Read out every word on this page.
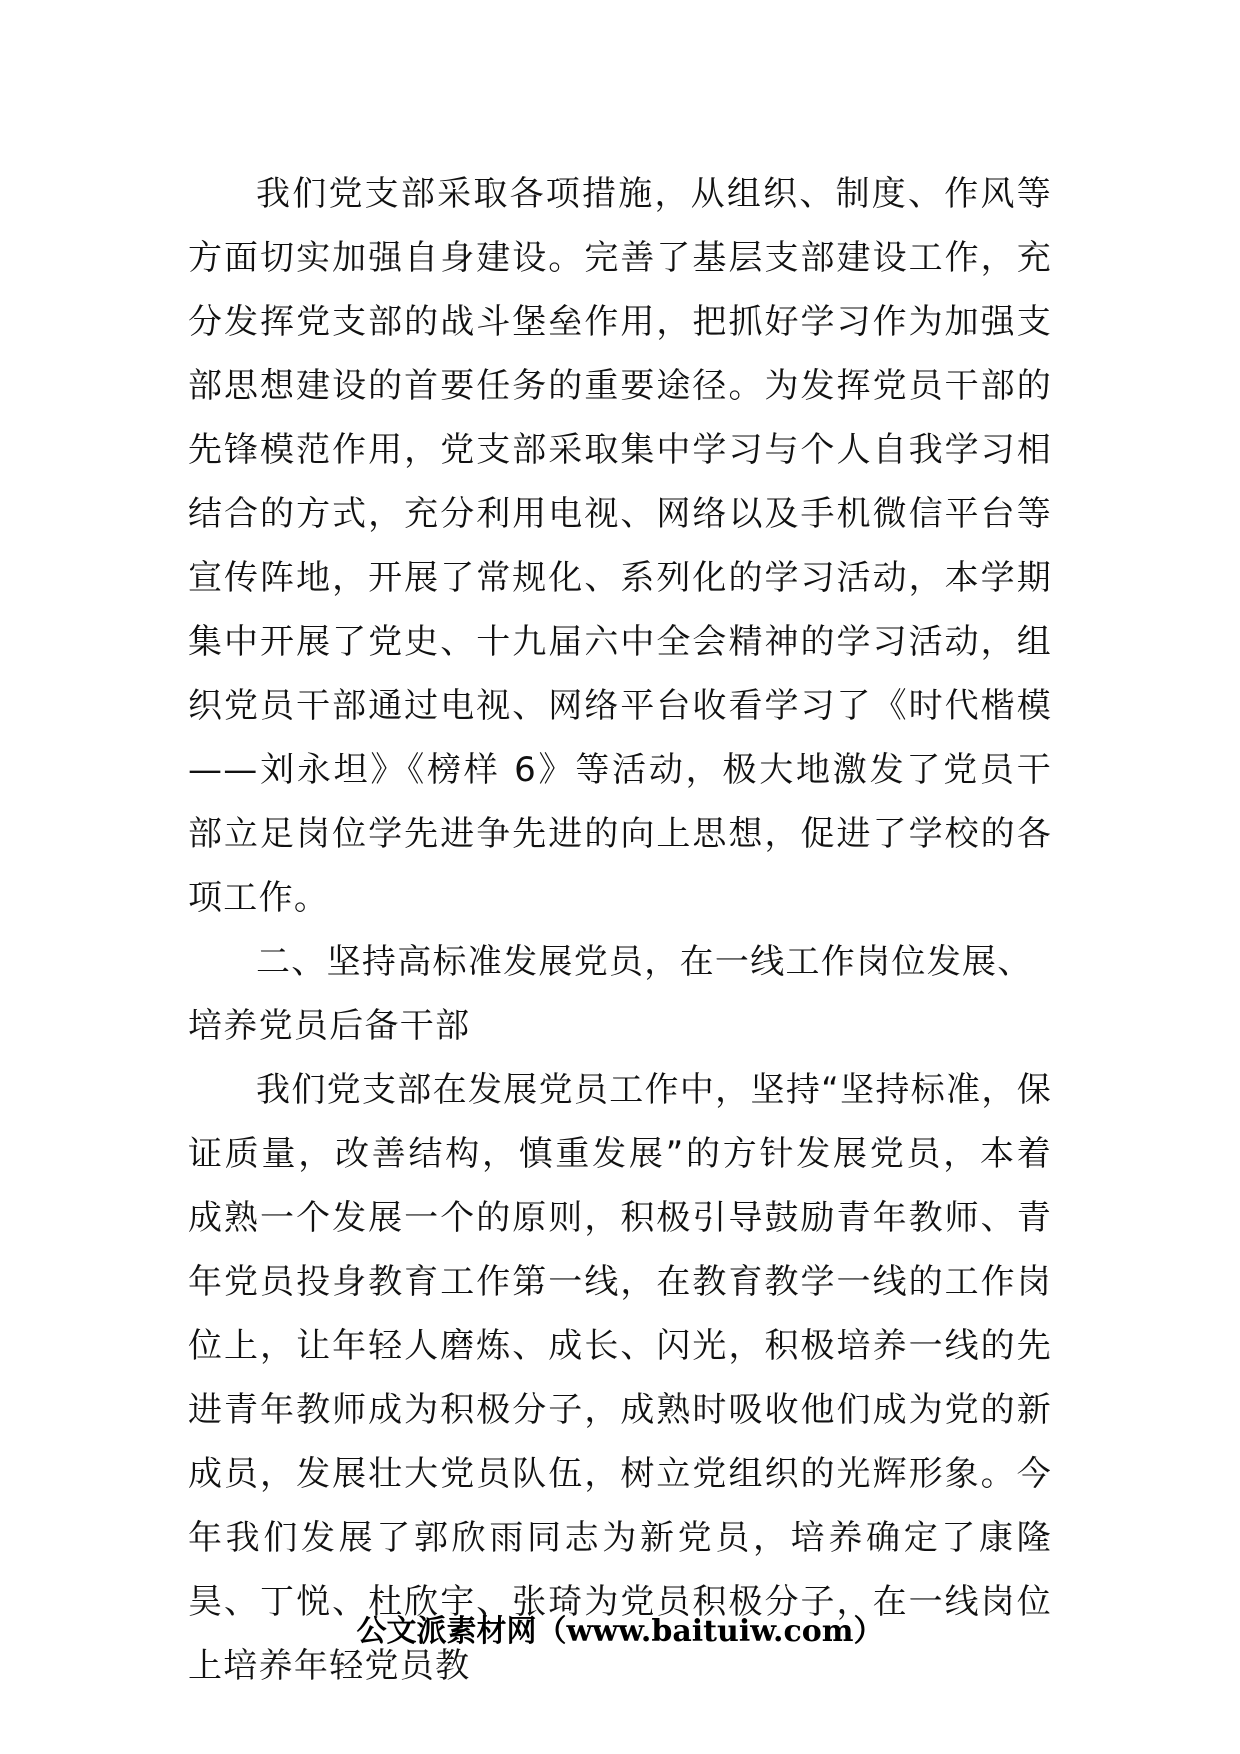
我们党支部采取各项措施，从组织、制度、作风等方面切实加强自身建设。完善了基层支部建设工作，充分发挥党支部的战斗堡垒作用，把抓好学习作为加强支部思想建设的首要任务的重要途径。为发挥党员干部的先锋模范作用，党支部采取集中学习与个人自我学习相结合的方式，充分利用电视、网络以及手机微信平台等宣传阵地，开展了常规化、系列化的学习活动，本学期集中开展了党史、十九届六中全会精神的学习活动，组织党员干部通过电视、网络平台收看学习了《时代楷模——刘永坦》《榜样 6》等活动，极大地激发了党员干部立足岗位学先进争先进的向上思想，促进了学校的各项工作。

二、坚持高标准发展党员，在一线工作岗位发展、培养党员后备干部

我们党支部在发展党员工作中，坚持“坚持标准，保证质量，改善结构，慎重发展”的方针发展党员，本着成熟一个发展一个的原则，积极引导鼓励青年教师、青年党员投身教育工作第一线，在教育教学一线的工作岗位上，让年轻人磨炼、成长、闪光，积极培养一线的先进青年教师成为积极分子，成熟时吸收他们成为党的新成员，发展壮大党员队伍，树立党组织的光辉形象。今年我们发展了郭欣雨同志为新党员，培养确定了康隆昊、丁悦、杜欣宇、张琦为党员积极分子，在一线岗位上培养年轻党员教

公文派素材网（www.baituiw.com）
